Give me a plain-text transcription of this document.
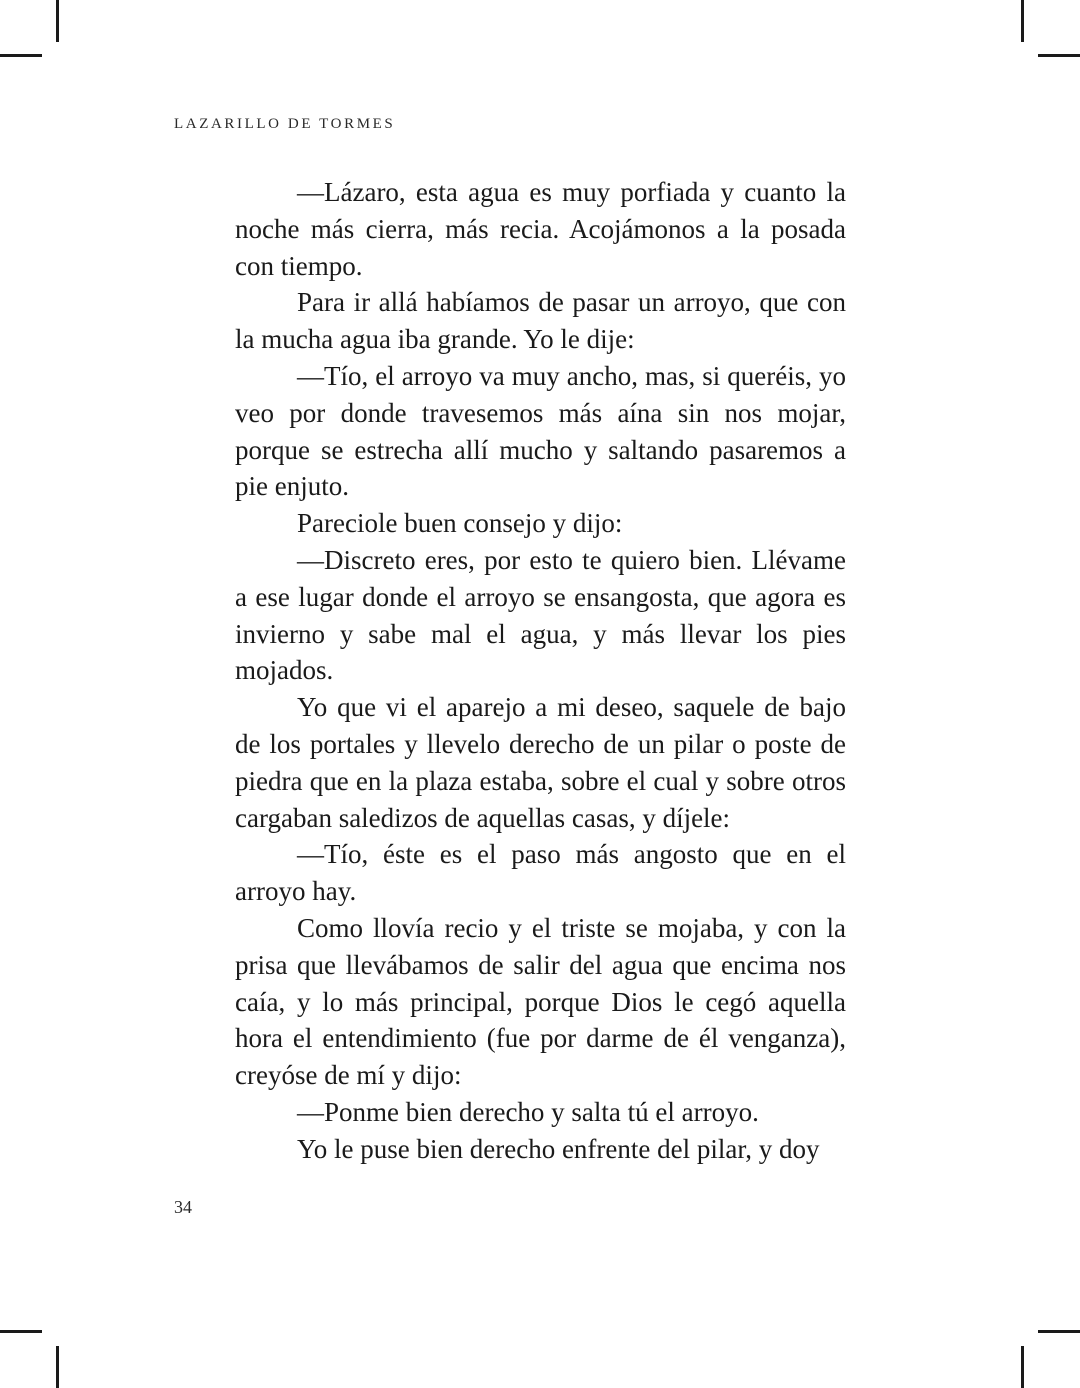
LAZARILLO DE TORMES

—Lázaro, esta agua es muy porfiada y cuanto la noche más cierra, más recia. Acojámonos a la posada con tiempo.

Para ir allá habíamos de pasar un arroyo, que con la mucha agua iba grande. Yo le dije:

—Tío, el arroyo va muy ancho, mas, si queréis, yo veo por donde travesemos más aína sin nos mojar, porque se estrecha allí mucho y saltando pasaremos a pie enjuto.

Pareciole buen consejo y dijo:

—Discreto eres, por esto te quiero bien. Llévame a ese lugar donde el arroyo se ensangosta, que agora es invierno y sabe mal el agua, y más llevar los pies mojados.

Yo que vi el aparejo a mi deseo, saquele de bajo de los portales y llevelo derecho de un pilar o poste de piedra que en la plaza estaba, sobre el cual y sobre otros cargaban saledizos de aquellas casas, y díjele:

—Tío, éste es el paso más angosto que en el arroyo hay.

Como llovía recio y el triste se mojaba, y con la prisa que llevábamos de salir del agua que encima nos caía, y lo más principal, porque Dios le cegó aquella hora el entendimiento (fue por darme de él venganza), creyóse de mí y dijo:

—Ponme bien derecho y salta tú el arroyo.

Yo le puse bien derecho enfrente del pilar, y doy

34
